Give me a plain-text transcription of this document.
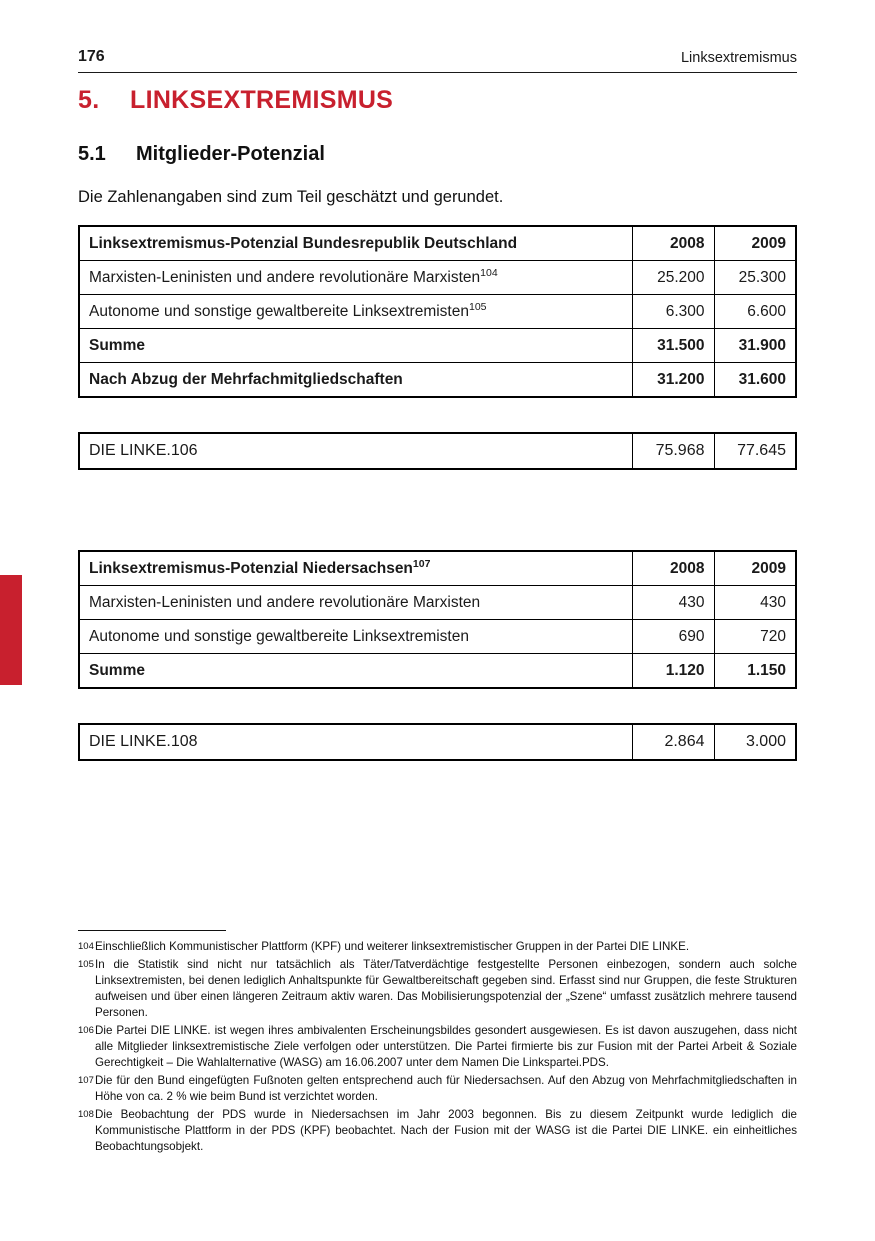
176	Linksextremismus
5.	LINKSEXTREMISMUS
5.1	Mitglieder-Potenzial

Die Zahlenangaben sind zum Teil geschätzt und gerundet.

Linksextremismus-Potenzial Bundesrepublik Deutschland	2008	2009
Marxisten-Leninisten und andere revolutionäre Marxisten$^{104}$	25.200	25.300
Autonome und sonstige gewaltbereite Linksextremisten$^{105}$	6.300	6.600
Summe	31.500	31.900
Nach Abzug der Mehrfachmitgliedschaften	31.200	31.600
DIE LINKE.106	75.968	77.645
Linksextremismus-Potenzial Niedersachsen$^{107}$	2008	2009
Marxisten-Leninisten und andere revolutionäre Marxisten	430	430
Autonome und sonstige gewaltbereite Linksextremisten	690	720
Summe	1.120	1.150
DIE LINKE.108	2.864	3.000
104 Einschließlich Kommunistischer Plattform (KPF) und weiterer linksextremistischer Gruppen in der Partei DIE LINKE.
105 In die Statistik sind nicht nur tatsächlich als Täter/Tatverdächtige festgestellte Personen einbezogen, sondern auch solche Linksextremisten, bei denen lediglich Anhaltspunkte für Gewaltbereitschaft gegeben sind. Erfasst sind nur Gruppen, die feste Strukturen aufweisen und über einen längeren Zeitraum aktiv waren. Das Mobilisierungspotenzial der „Szene“ umfasst zusätzlich mehrere tausend Personen.
106 Die Partei DIE LINKE. ist wegen ihres ambivalenten Erscheinungsbildes gesondert ausgewiesen. Es ist davon auszugehen, dass nicht alle Mitglieder linksextremistische Ziele verfolgen oder unterstützen. Die Partei firmierte bis zur Fusion mit der Partei Arbeit & Soziale Gerechtigkeit – Die Wahlalternative (WASG) am 16.06.2007 unter dem Namen Die Linkspartei.PDS.
107 Die für den Bund eingefügten Fußnoten gelten entsprechend auch für Niedersachsen. Auf den Abzug von Mehrfachmitgliedschaften in Höhe von ca. 2 % wie beim Bund ist verzichtet worden.
108 Die Beobachtung der PDS wurde in Niedersachsen im Jahr 2003 begonnen. Bis zu diesem Zeitpunkt wurde lediglich die Kommunistische Plattform in der PDS (KPF) beobachtet. Nach der Fusion mit der WASG ist die Partei DIE LINKE. ein einheitliches Beobachtungsobjekt.
